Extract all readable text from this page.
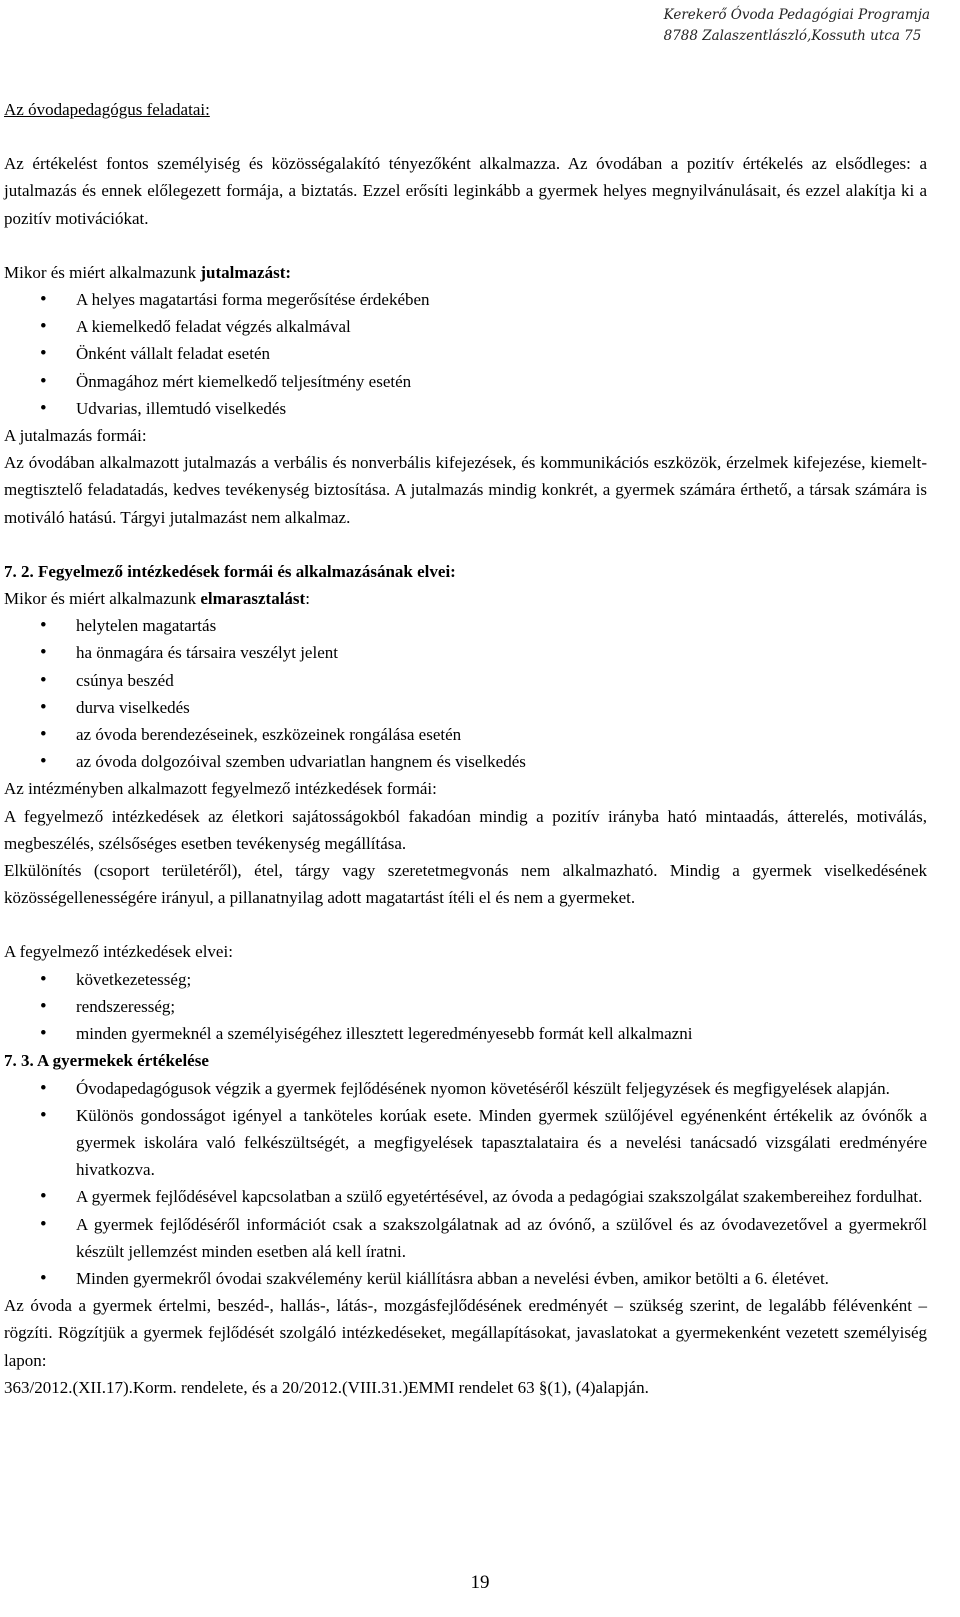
Kerekerő Óvoda Pedagógiai Programja
8788 Zalaszentlászló,Kossuth utca 75

Az óvodapedagógus feladatai:

Az értékelést fontos személyiség és közösségalakító tényezőként alkalmazza. Az óvodában a pozitív értékelés az elsődleges: a jutalmazás és ennek előlegezett formája, a biztatás. Ezzel erősíti leginkább a gyermek helyes megnyilvánulásait, és ezzel alakítja ki a pozitív motivációkat.

Mikor és miért alkalmazunk jutalmazást:

• A helyes magatartási forma megerősítése érdekében
• A kiemelkedő feladat végzés alkalmával
• Önként vállalt feladat esetén
• Önmagához mért kiemelkedő teljesítmény esetén
• Udvarias, illemtudó viselkedés

A jutalmazás formái:

Az óvodában alkalmazott jutalmazás a verbális és nonverbális kifejezések, és kommunikációs eszközök, érzelmek kifejezése, kiemelt-megtisztelő feladatadás, kedves tevékenység biztosítása. A jutalmazás mindig konkrét, a gyermek számára érthető, a társak számára is motiváló hatású. Tárgyi jutalmazást nem alkalmaz.

7. 2. Fegyelmező intézkedések formái és alkalmazásának elvei:

Mikor és miért alkalmazunk elmarasztalást:

• helytelen magatartás
• ha önmagára és társaira veszélyt jelent
• csúnya beszéd
• durva viselkedés
• az óvoda berendezéseinek, eszközeinek rongálása esetén
• az óvoda dolgozóival szemben udvariatlan hangnem és viselkedés

Az intézményben alkalmazott fegyelmező intézkedések formái:

A fegyelmező intézkedések az életkori sajátosságokból fakadóan mindig a pozitív irányba ható mintaadás, átterelés, motiválás, megbeszélés, szélsőséges esetben tevékenység megállítása.

Elkülönítés (csoport területéről), étel, tárgy vagy szeretetmegvonás nem alkalmazható. Mindig a gyermek viselkedésének közösségellenességére irányul, a pillanatnyilag adott magatartást ítéli el és nem a gyermeket.

A fegyelmező intézkedések elvei:

• következetesség;
• rendszeresség;
• minden gyermeknél a személyiségéhez illesztett legeredményesebb formát kell alkalmazni

7. 3. A gyermekek értékelése

• Óvodapedagógusok végzik a gyermek fejlődésének nyomon követéséről készült feljegyzések és megfigyelések alapján.
• Különös gondosságot igényel a tanköteles korúak esete. Minden gyermek szülőjével egyénenként értékelik az óvónők a gyermek iskolára való felkészültségét, a megfigyelések tapasztalataira és a nevelési tanácsadó vizsgálati eredményére hivatkozva.
• A gyermek fejlődésével kapcsolatban a szülő egyetértésével, az óvoda a pedagógiai szakszolgálat szakembereihez fordulhat.
• A gyermek fejlődéséről információt csak a szakszolgálatnak ad az óvónő, a szülővel és az óvodavezetővel a gyermekről készült jellemzést minden esetben alá kell íratni.
• Minden gyermekről óvodai szakvélemény kerül kiállításra abban a nevelési évben, amikor betölti a 6. életévet.

Az óvoda a gyermek értelmi, beszéd-, hallás-, látás-, mozgásfejlődésének eredményét – szükség szerint, de legalább félévenként – rögzíti. Rögzítjük a gyermek fejlődését szolgáló intézkedéseket, megállapításokat, javaslatokat a gyermekenként vezetett személyiség lapon:

363/2012.(XII.17).Korm. rendelete, és a 20/2012.(VIII.31.)EMMI rendelet 63 §(1), (4)alapján.

19
